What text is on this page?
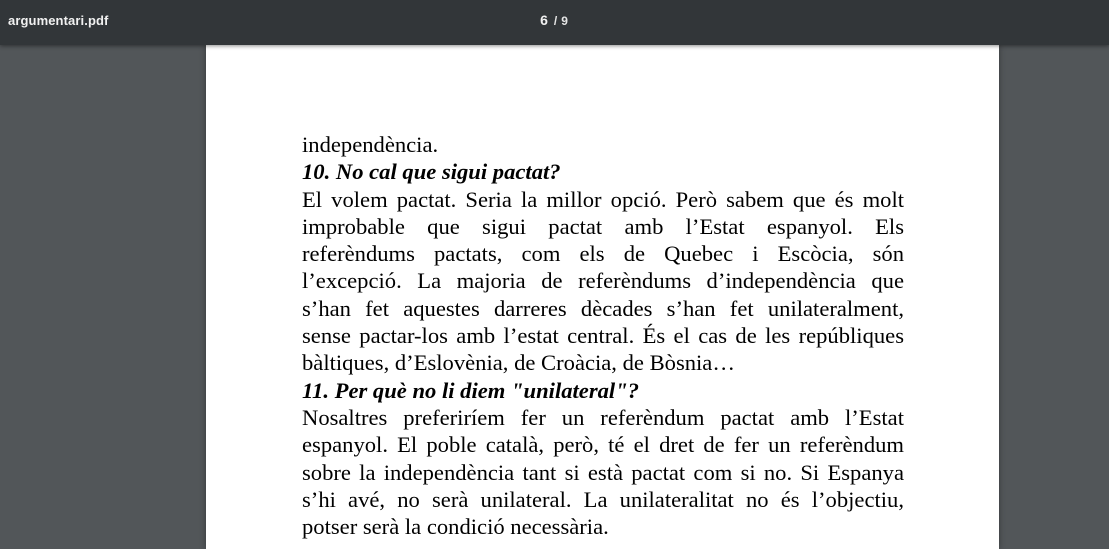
argumentari.pdf	6 / 9
independència.
10. No cal que sigui pactat?
El volem pactat. Seria la millor opció. Però sabem que és molt
improbable que sigui pactat amb l’Estat espanyol. Els
referèndums pactats, com els de Quebec i Escòcia, són
l’excepció. La majoria de referèndums d’independència que
s’han fet aquestes darreres dècades s’han fet unilateralment,
sense pactar-los amb l’estat central. És el cas de les repúbliques
bàltiques, d’Eslovènia, de Croàcia, de Bòsnia…
11. Per què no li diem "unilateral"?
Nosaltres preferiríem fer un referèndum pactat amb l’Estat
espanyol. El poble català, però, té el dret de fer un referèndum
sobre la independència tant si està pactat com si no. Si Espanya
s’hi avé, no serà unilateral. La unilateralitat no és l’objectiu,
potser serà la condició necessària.
